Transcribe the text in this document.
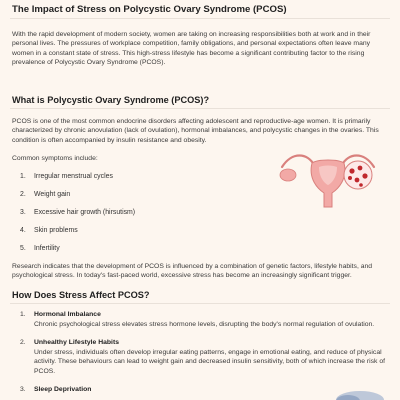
The Impact of Stress on Polycystic Ovary Syndrome (PCOS)

With the rapid development of modern society, women are taking on increasing responsibilities both at work and in their personal lives. The pressures of workplace competition, family obligations, and personal expectations often leave many women in a constant state of stress. This high-stress lifestyle has become a significant contributing factor to the rising prevalence of Polycystic Ovary Syndrome (PCOS).

What is Polycystic Ovary Syndrome (PCOS)?

PCOS is one of the most common endocrine disorders affecting adolescent and reproductive-age women. It is primarily characterized by chronic anovulation (lack of ovulation), hormonal imbalances, and polycystic changes in the ovaries. This condition is often accompanied by insulin resistance and obesity.

Common symptoms include:
1. Irregular menstrual cycles
2. Weight gain
3. Excessive hair growth (hirsutism)
4. Skin problems
5. Infertility

Research indicates that the development of PCOS is influenced by a combination of genetic factors, lifestyle habits, and psychological stress. In today's fast-paced world, excessive stress has become an increasingly significant trigger.

How Does Stress Affect PCOS?
1.	Hormonal Imbalance

Chronic psychological stress elevates stress hormone levels, disrupting the body's normal regulation of ovulation.

2.	Unhealthy Lifestyle Habits

Under stress, individuals often develop irregular eating patterns, engage in emotional eating, and reduce of physical activity. These behaviours can lead to weight gain and decreased insulin sensitivity, both of which increase the risk of PCOS.

3.	Sleep Deprivation
